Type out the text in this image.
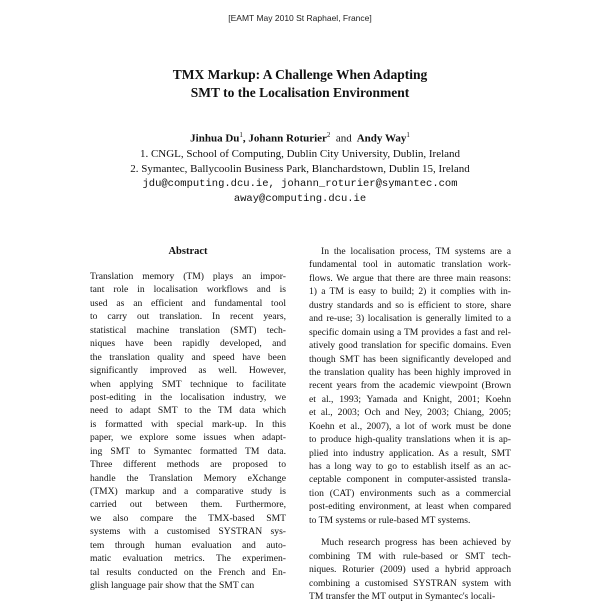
[EAMT May 2010 St Raphael, France]
TMX Markup: A Challenge When Adapting
SMT to the Localisation Environment
Jinhua Du$^1$, Johann Roturier$^2$ and Andy Way$^1$
1. CNGL, School of Computing, Dublin City University, Dublin, Ireland
2. Symantec, Ballycoolin Business Park, Blanchardstown, Dublin 15, Ireland
jdu@computing.dcu.ie, johann_roturier@symantec.com
away@computing.dcu.ie
Abstract
Translation memory (TM) plays an impor-
tant role in localisation workflows and is
used as an efficient and fundamental tool
to carry out translation. In recent years,
statistical machine translation (SMT) tech-
niques have been rapidly developed, and
the translation quality and speed have been
significantly improved as well. However,
when applying SMT technique to facilitate
post-editing in the localisation industry, we
need to adapt SMT to the TM data which
is formatted with special mark-up. In this
paper, we explore some issues when adapt-
ing SMT to Symantec formatted TM data.
Three different methods are proposed to
handle the Translation Memory eXchange
(TMX) markup and a comparative study is
carried out between them. Furthermore,
we also compare the TMX-based SMT
systems with a customised SYSTRAN sys-
tem through human evaluation and auto-
matic evaluation metrics. The experimen-
tal results conducted on the French and En-
glish language pair show that the SMT can
In the localisation process, TM systems are a
fundamental tool in automatic translation work-
flows. We argue that there are three main reasons:
1) a TM is easy to build; 2) it complies with in-
dustry standards and so is efficient to store, share
and re-use; 3) localisation is generally limited to a
specific domain using a TM provides a fast and rel-
atively good translation for specific domains. Even
though SMT has been significantly developed and
the translation quality has been highly improved in
recent years from the academic viewpoint (Brown
et al., 1993; Yamada and Knight, 2001; Koehn
et al., 2003; Och and Ney, 2003; Chiang, 2005;
Koehn et al., 2007), a lot of work must be done
to produce high-quality translations when it is ap-
plied into industry application. As a result, SMT
has a long way to go to establish itself as an ac-
ceptable component in computer-assisted transla-
tion (CAT) environments such as a commercial
post-editing environment, at least when compared
to TM systems or rule-based MT systems.
Much research progress has been achieved by
combining TM with rule-based or SMT tech-
niques. Roturier (2009) used a hybrid approach
combining a customised SYSTRAN system with
TM transfer the MT output in Symantec's locali-
